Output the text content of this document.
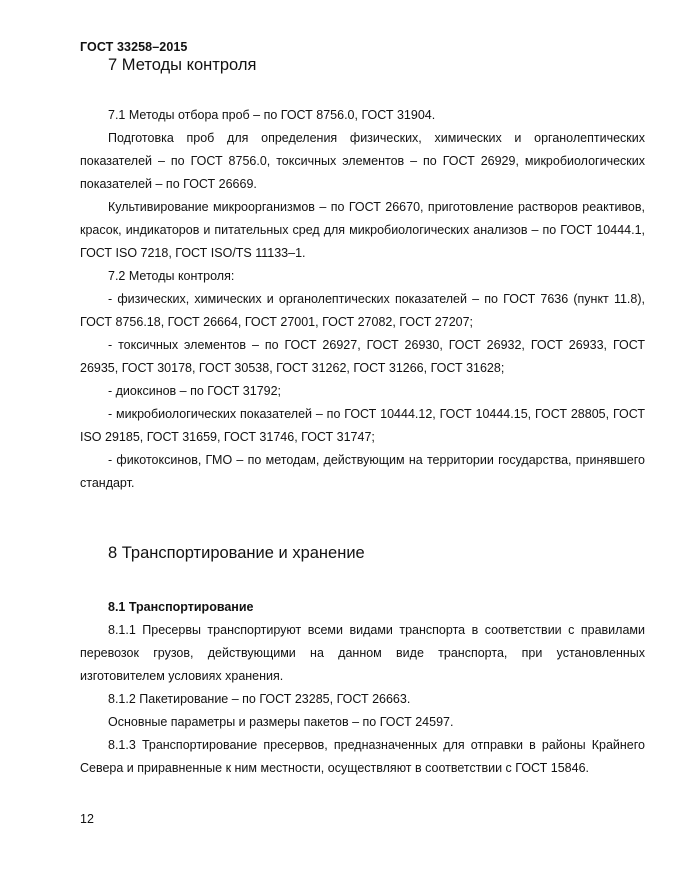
ГОСТ 33258–2015
7 Методы контроля

7.1 Методы отбора проб – по ГОСТ 8756.0, ГОСТ 31904.

Подготовка проб для определения физических, химических и органолептических показателей – по ГОСТ 8756.0, токсичных элементов – по ГОСТ 26929, микробиологических показателей – по ГОСТ 26669.

Культивирование микроорганизмов – по ГОСТ 26670, приготовление растворов реактивов, красок, индикаторов и питательных сред для микробиологических анализов – по ГОСТ 10444.1, ГОСТ ISO 7218, ГОСТ ISO/TS 11133–1.

7.2 Методы контроля:

- физических, химических и органолептических показателей – по ГОСТ 7636 (пункт 11.8), ГОСТ 8756.18, ГОСТ 26664, ГОСТ 27001, ГОСТ 27082, ГОСТ 27207;

- токсичных элементов – по ГОСТ 26927, ГОСТ 26930, ГОСТ 26932, ГОСТ 26933, ГОСТ 26935, ГОСТ 30178, ГОСТ 30538, ГОСТ 31262, ГОСТ 31266, ГОСТ 31628;

- диоксинов – по ГОСТ 31792;

- микробиологических показателей – по ГОСТ 10444.12, ГОСТ 10444.15, ГОСТ 28805, ГОСТ ISO 29185, ГОСТ 31659, ГОСТ 31746, ГОСТ 31747;

- фикотоксинов, ГМО – по методам, действующим на территории государства, принявшего стандарт.

8 Транспортирование и хранение
8.1 Транспортирование

8.1.1 Пресервы транспортируют всеми видами транспорта в соответствии с правилами перевозок грузов, действующими на данном виде транспорта, при установленных изготовителем условиях хранения.

8.1.2 Пакетирование – по ГОСТ 23285, ГОСТ 26663.

Основные параметры и размеры пакетов – по ГОСТ 24597.

8.1.3 Транспортирование пресервов, предназначенных для отправки в районы Крайнего Севера и приравненные к ним местности, осуществляют в соответствии с ГОСТ 15846.

12
